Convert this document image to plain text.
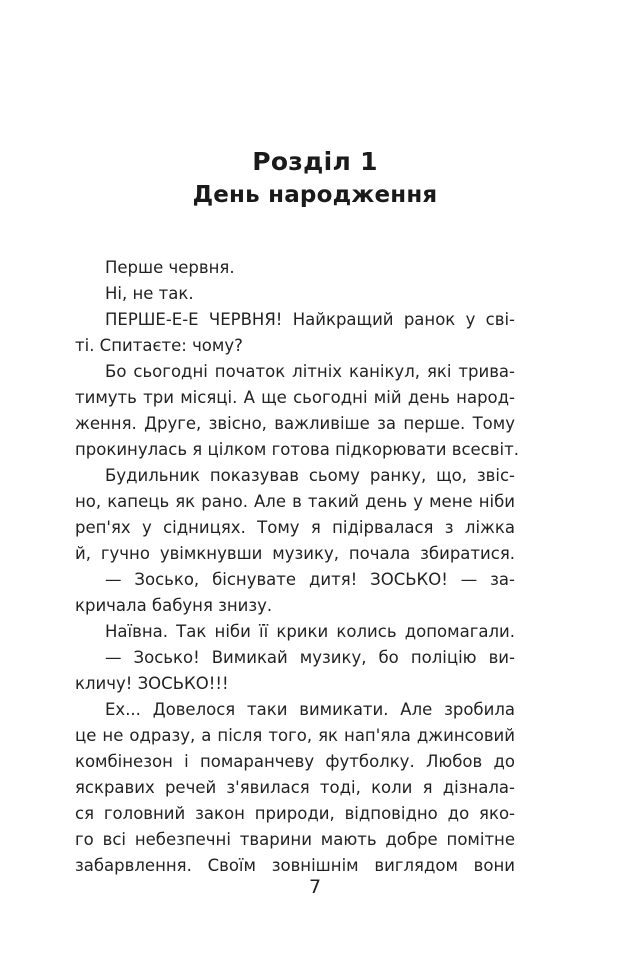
Розділ 1
День народження
Перше червня.
Ні, не так.
ПЕРШЕ-Е-Е ЧЕРВНЯ! Найкращий ранок у сві-
ті. Спитаєте: чому?
Бо сьогодні початок літніх канікул, які трива-
тимуть три місяці. А ще сьогодні мій день народ-
ження. Друге, звісно, важливіше за перше. Тому
прокинулась я цілком готова підкорювати всесвіт.
Будильник показував сьому ранку, що, звіс-
но, капець як рано. Але в такий день у мене ніби
реп'ях у сідницях. Тому я підірвалася з ліжка
й, гучно увімкнувши музику, почала збиратися.
— Зосько, біснувате дитя! ЗОСЬКО! — за-
кричала бабуня знизу.
Наївна. Так ніби її крики колись допомагали.
— Зосько! Вимикай музику, бо поліцію ви-
кличу! ЗОСЬКО!!!
Ех... Довелося таки вимикати. Але зробила
це не одразу, а після того, як нап'яла джинсовий
комбінезон і помаранчеву футболку. Любов до
яскравих речей з'явилася тоді, коли я дізнала-
ся головний закон природи, відповідно до яко-
го всі небезпечні тварини мають добре помітне
забарвлення. Своїм зовнішнім виглядом вони
7
